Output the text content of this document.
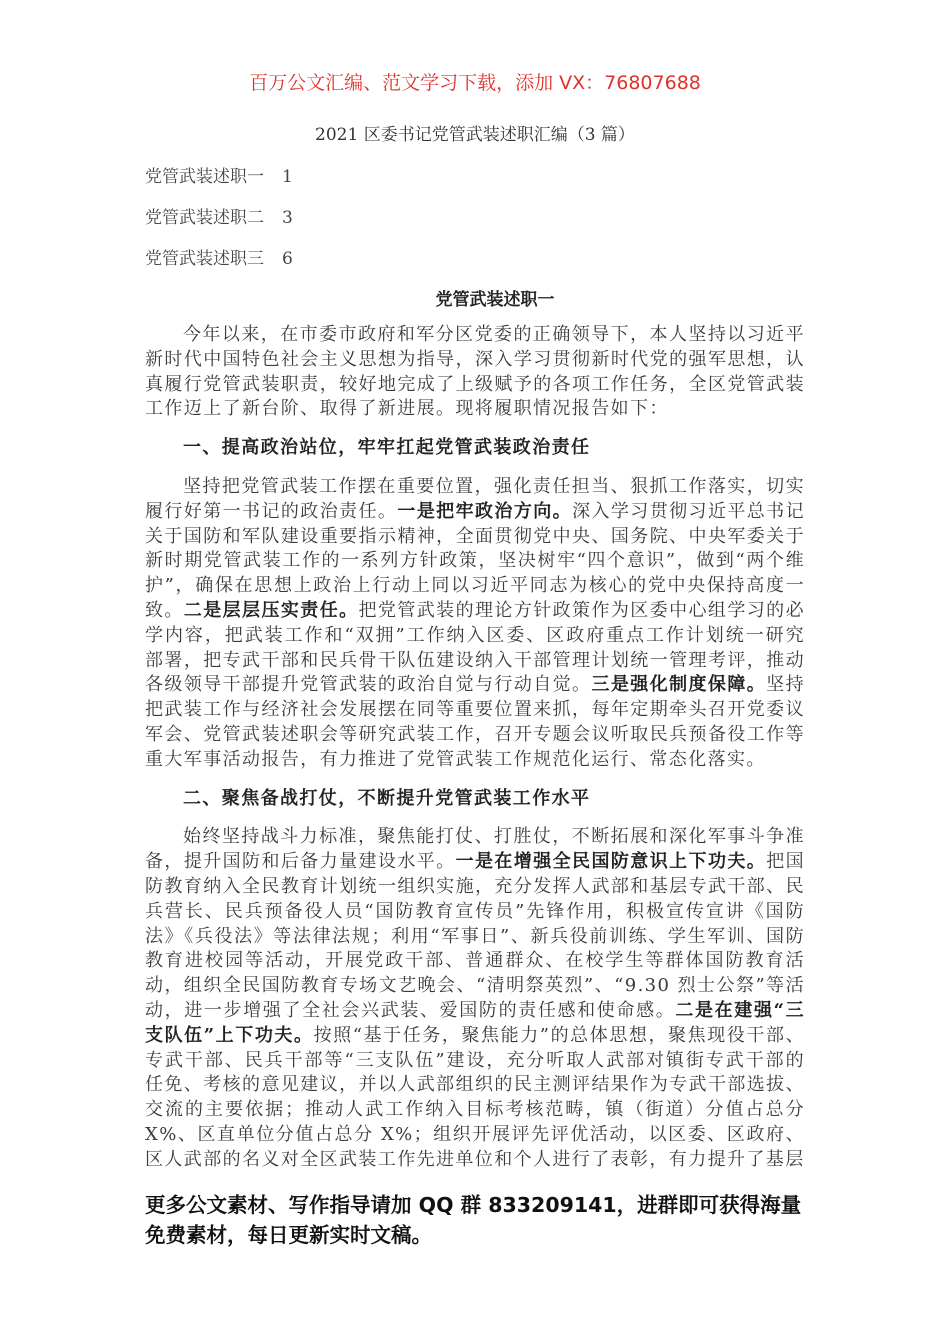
百万公文汇编、范文学习下载，添加 VX：76807688
2021 区委书记党管武装述职汇编（3 篇）
党管武装述职一 1
党管武装述职二 3
党管武装述职三 6
党管武装述职一

今年以来，在市委市政府和军分区党委的正确领导下，本人坚持以习近平新时代中国特色社会主义思想为指导，深入学习贯彻新时代党的强军思想，认真履行党管武装职责，较好地完成了上级赋予的各项工作任务，全区党管武装工作迈上了新台阶、取得了新进展。现将履职情况报告如下：

一、提高政治站位，牢牢扛起党管武装政治责任

坚持把党管武装工作摆在重要位置，强化责任担当、狠抓工作落实，切实履行好第一书记的政治责任。一是把牢政治方向。深入学习贯彻习近平总书记关于国防和军队建设重要指示精神，全面贯彻党中央、国务院、中央军委关于新时期党管武装工作的一系列方针政策，坚决树牢“四个意识”，做到“两个维护”，确保在思想上政治上行动上同以习近平同志为核心的党中央保持高度一致。二是层层压实责任。把党管武装的理论方针政策作为区委中心组学习的必学内容，把武装工作和“双拥”工作纳入区委、区政府重点工作计划统一研究部署，把专武干部和民兵骨干队伍建设纳入干部管理计划统一管理考评，推动各级领导干部提升党管武装的政治自觉与行动自觉。三是强化制度保障。坚持把武装工作与经济社会发展摆在同等重要位置来抓，每年定期牵头召开党委议军会、党管武装述职会等研究武装工作，召开专题会议听取民兵预备役工作等重大军事活动报告，有力推进了党管武装工作规范化运行、常态化落实。

二、聚焦备战打仗，不断提升党管武装工作水平

始终坚持战斗力标准，聚焦能打仗、打胜仗，不断拓展和深化军事斗争准备，提升国防和后备力量建设水平。一是在增强全民国防意识上下功夫。把国防教育纳入全民教育计划统一组织实施，充分发挥人武部和基层专武干部、民兵营长、民兵预备役人员“国防教育宣传员”先锋作用，积极宣传宣讲《国防法》《兵役法》等法律法规；利用“军事日”、新兵役前训练、学生军训、国防教育进校园等活动，开展党政干部、普通群众、在校学生等群体国防教育活动，组织全民国防教育专场文艺晚会、“清明祭英烈”、“9.30 烈士公祭”等活动，进一步增强了全社会兴武装、爱国防的责任感和使命感。二是在建强“三支队伍”上下功夫。按照“基于任务，聚焦能力”的总体思想，聚焦现役干部、专武干部、民兵干部等“三支队伍”建设，充分听取人武部对镇街专武干部的任免、考核的意见建议，并以人武部组织的民主测评结果作为专武干部选拔、交流的主要依据；推动人武工作纳入目标考核范畴，镇（街道）分值占总分 X%、区直单位分值占总分 X%；组织开展评先评优活动，以区委、区政府、区人武部的名义对全区武装工作先进单位和个人进行了表彰，有力提升了基层

更多公文素材、写作指导请加 QQ 群 833209141，进群即可获得海量免费素材，每日更新实时文稿。
